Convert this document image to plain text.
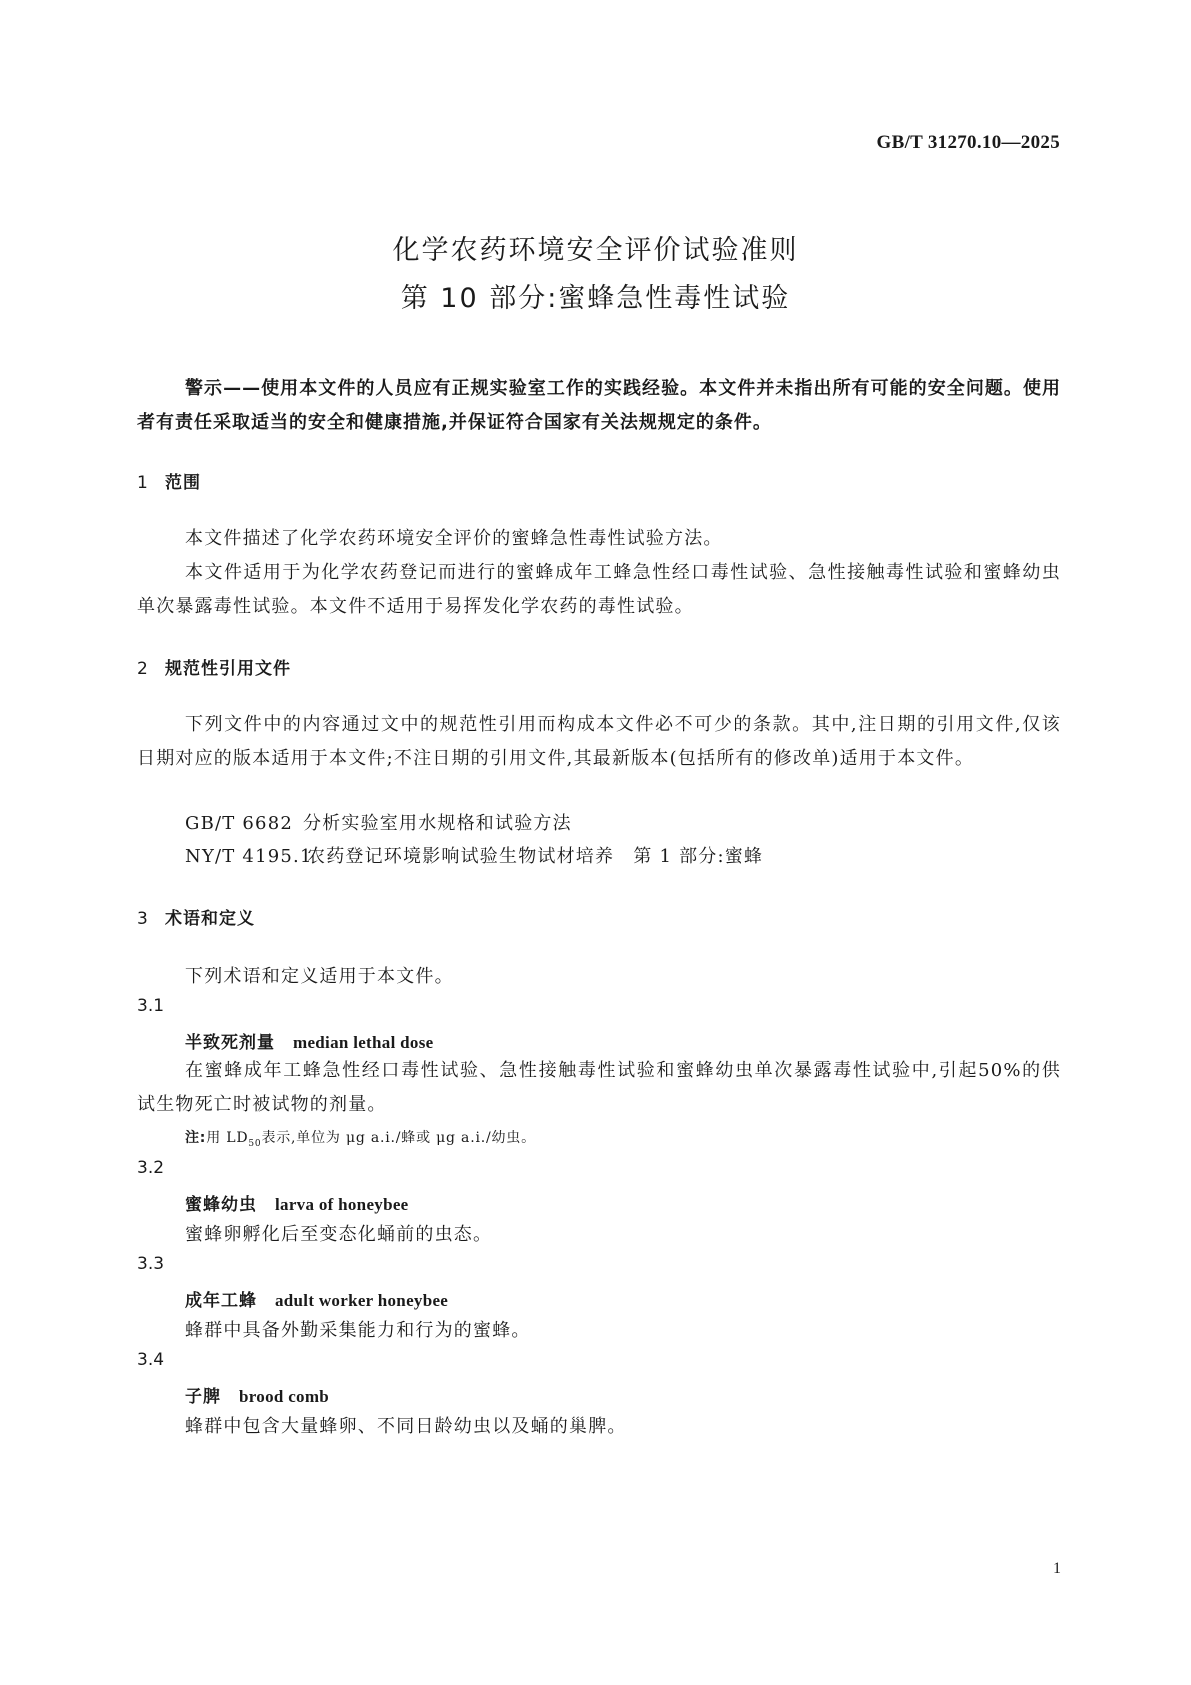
GB/T 31270.10—2025
化学农药环境安全评价试验准则
第 10 部分:蜜蜂急性毒性试验
警示——使用本文件的人员应有正规实验室工作的实践经验。本文件并未指出所有可能的安全问题。使用者有责任采取适当的安全和健康措施,并保证符合国家有关法规规定的条件。
1 范围
本文件描述了化学农药环境安全评价的蜜蜂急性毒性试验方法。
本文件适用于为化学农药登记而进行的蜜蜂成年工蜂急性经口毒性试验、急性接触毒性试验和蜜蜂幼虫单次暴露毒性试验。本文件不适用于易挥发化学农药的毒性试验。
2 规范性引用文件
下列文件中的内容通过文中的规范性引用而构成本文件必不可少的条款。其中,注日期的引用文件,仅该日期对应的版本适用于本文件;不注日期的引用文件,其最新版本(包括所有的修改单)适用于本文件。
GB/T 6682 分析实验室用水规格和试验方法
NY/T 4195.1农药登记环境影响试验生物试材培养　第 1 部分:蜜蜂
3 术语和定义
下列术语和定义适用于本文件。
3.1
半致死剂量 median lethal dose
在蜜蜂成年工蜂急性经口毒性试验、急性接触毒性试验和蜜蜂幼虫单次暴露毒性试验中,引起50%的供试生物死亡时被试物的剂量。
注:用 $LD_{50}$表示,单位为 μg a.i./蜂或 μg a.i./幼虫。
3.2
蜜蜂幼虫 larva of honeybee
蜜蜂卵孵化后至变态化蛹前的虫态。
3.3
成年工蜂 adult worker honeybee
蜂群中具备外勤采集能力和行为的蜜蜂。
3.4
子脾 brood comb
蜂群中包含大量蜂卵、不同日龄幼虫以及蛹的巢脾。
1
